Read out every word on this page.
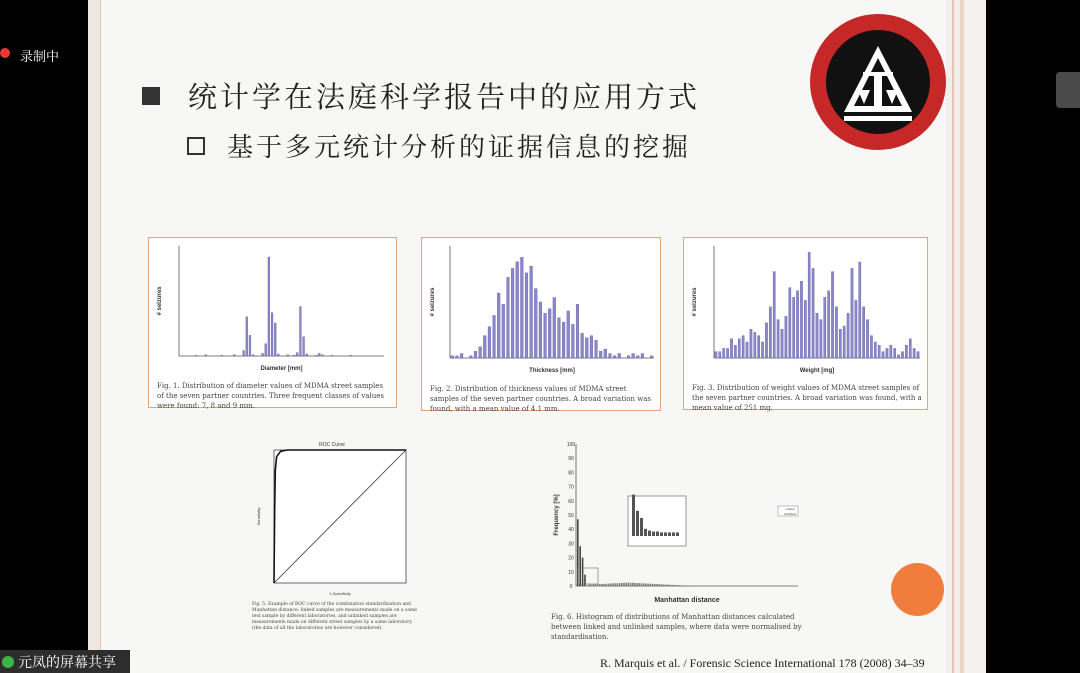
录制中
元凤的屏幕共享
统计学在法庭科学报告中的应用方式
基于多元统计分析的证据信息的挖掘
Diameter [mm]
# seizures
Fig. 1. Distribution of diameter values of MDMA street samples of the seven partner countries. Three frequent classes of values were found: 7, 8 and 9 mm.
Thickness [mm]
# seizures
Fig. 2. Distribution of thickness values of MDMA street samples of the seven partner countries. A broad variation was found, with a mean value of 4.1 mm.
Weight [mg]
# seizures
Fig. 3. Distribution of weight values of MDMA street samples of the seven partner countries. A broad variation was found, with a mean value of 251 mg.
ROC Curve
1-Specificity
Sensitivity
Fig. 5. Example of ROC curve of the combination standardisation and Manhattan distance: linked samples are measurements made on a same test sample by different laboratories, and unlinked samples are measurements made on different street samples by a same laboratory (the data of all the laboratories are however considered).
0
10
20
30
40
50
60
70
80
90
100
Linked
Unlinked
Manhattan distance
Frequency [%]
Fig. 6. Histogram of distributions of Manhattan distances calculated between linked and unlinked samples, where data were normalised by standardisation.
R. Marquis et al. / Forensic Science International 178 (2008) 34–39
